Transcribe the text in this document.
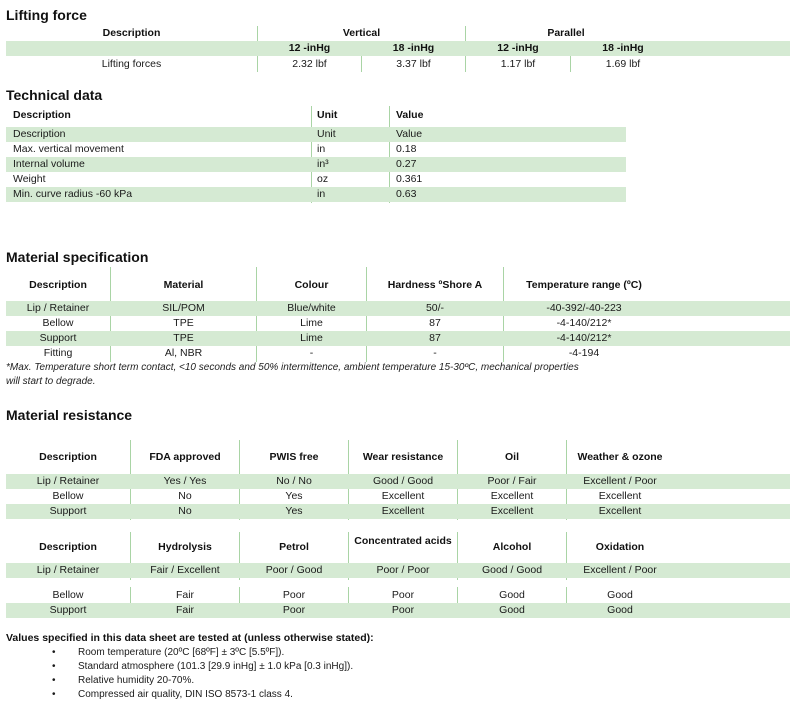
Lifting force
Description	Vertical	Parallel
12 -inHg	18 -inHg	12 -inHg	18 -inHg
Lifting forces	2.32 lbf	3.37 lbf	1.17 lbf	1.69 lbf
Technical data
Description	Unit	Value
Description	Unit	Value
Max. vertical movement	in	0.18
Internal volume	in³	0.27
Weight	oz	0.361
Min. curve radius -60 kPa	in	0.63
Material specification
Description	Material	Colour	Hardness ºShore A	Temperature range (ºC)
Lip / Retainer	SIL/POM	Blue/white	50/-	-40-392/-40-223
Bellow	TPE	Lime	87	-4-140/212*
Support	TPE	Lime	87	-4-140/212*
Fitting	Al, NBR	-	-	-4-194
*Max. Temperature short term contact, <10 seconds and 50% intermittence, ambient temperature 15-30ºC, mechanical properties
will start to degrade.
Material resistance
Description	FDA approved	PWIS free	Wear resistance	Oil	Weather & ozone
Lip / Retainer	Yes / Yes	No / No	Good / Good	Poor / Fair	Excellent / Poor
Bellow	No	Yes	Excellent	Excellent	Excellent
Support	No	Yes	Excellent	Excellent	Excellent
Description	Hydrolysis	Petrol	Concentrated acids	Alcohol	Oxidation
Lip / Retainer	Fair / Excellent	Poor / Good	Poor / Poor	Good / Good	Excellent / Poor
Bellow	Fair	Poor	Poor	Good	Good
Support	Fair	Poor	Poor	Good	Good
Values specified in this data sheet are tested at (unless otherwise stated):
• Room temperature (20ºC [68ºF] ± 3ºC [5.5ºF]).
• Standard atmosphere (101.3 [29.9 inHg] ± 1.0 kPa [0.3 inHg]).
• Relative humidity 20-70%.
• Compressed air quality, DIN ISO 8573-1 class 4.
